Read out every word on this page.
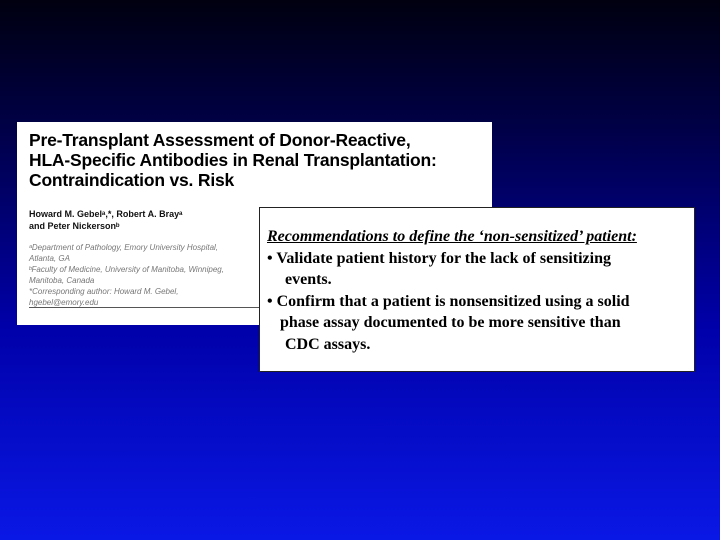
Pre-Transplant Assessment of Donor-Reactive,
HLA-Specific Antibodies in Renal Transplantation:
Contraindication vs. Risk
Howard M. Gebelᵃ,*, Robert A. Brayᵃ
and Peter Nickersonᵇ
ᵃDepartment of Pathology, Emory University Hospital,
Atlanta, GA
ᵇFaculty of Medicine, University of Manitoba, Winnipeg,
Manitoba, Canada
*Corresponding author: Howard M. Gebel,
hgebel@emory.edu
Recommendations to define the ‘non-sensitized’ patient:
• Validate patient history for the lack of sensitizing
events.
• Confirm that a patient is nonsensitized using a solid
phase assay documented to be more sensitive than
CDC assays.
